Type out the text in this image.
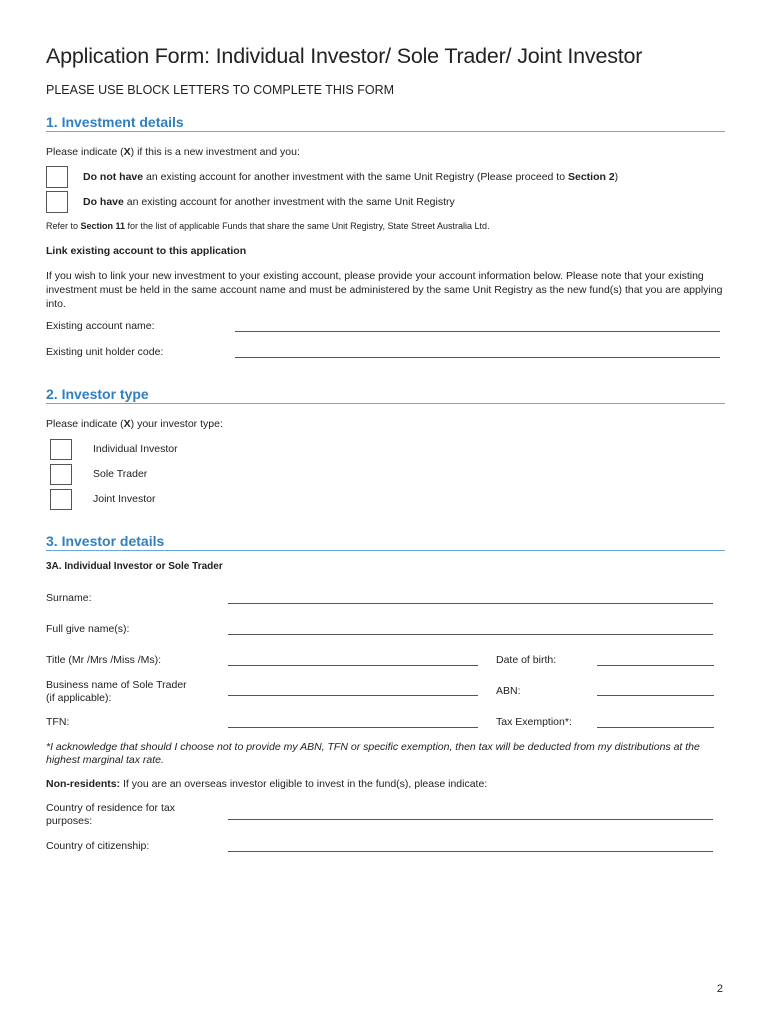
Application Form: Individual Investor/ Sole Trader/ Joint Investor
PLEASE USE BLOCK LETTERS TO COMPLETE THIS FORM
1. Investment details
Please indicate (X) if this is a new investment and you:
Do not have an existing account for another investment with the same Unit Registry (Please proceed to Section 2)
Do have an existing account for another investment with the same Unit Registry
Refer to Section 11 for the list of applicable Funds that share the same Unit Registry, State Street Australia Ltd.
Link existing account to this application
If you wish to link your new investment to your existing account, please provide your account information below. Please note that your existing investment must be held in the same account name and must be administered by the same Unit Registry as the new fund(s) that you are applying into.
Existing account name:
Existing unit holder code:
2. Investor type
Please indicate (X) your investor type:
Individual Investor
Sole Trader
Joint Investor
3. Investor details
3A. Individual Investor or Sole Trader
Surname:
Full give name(s):
Title (Mr /Mrs /Miss /Ms):	Date of birth:
Business name of Sole Trader
(if applicable):
ABN:
TFN:	Tax Exemption*:
*I acknowledge that should I choose not to provide my ABN, TFN or specific exemption, then tax will be deducted from my distributions at the highest marginal tax rate.
Non-residents: If you are an overseas investor eligible to invest in the fund(s), please indicate:
Country of residence for tax
purposes:
Country of citizenship:
2
